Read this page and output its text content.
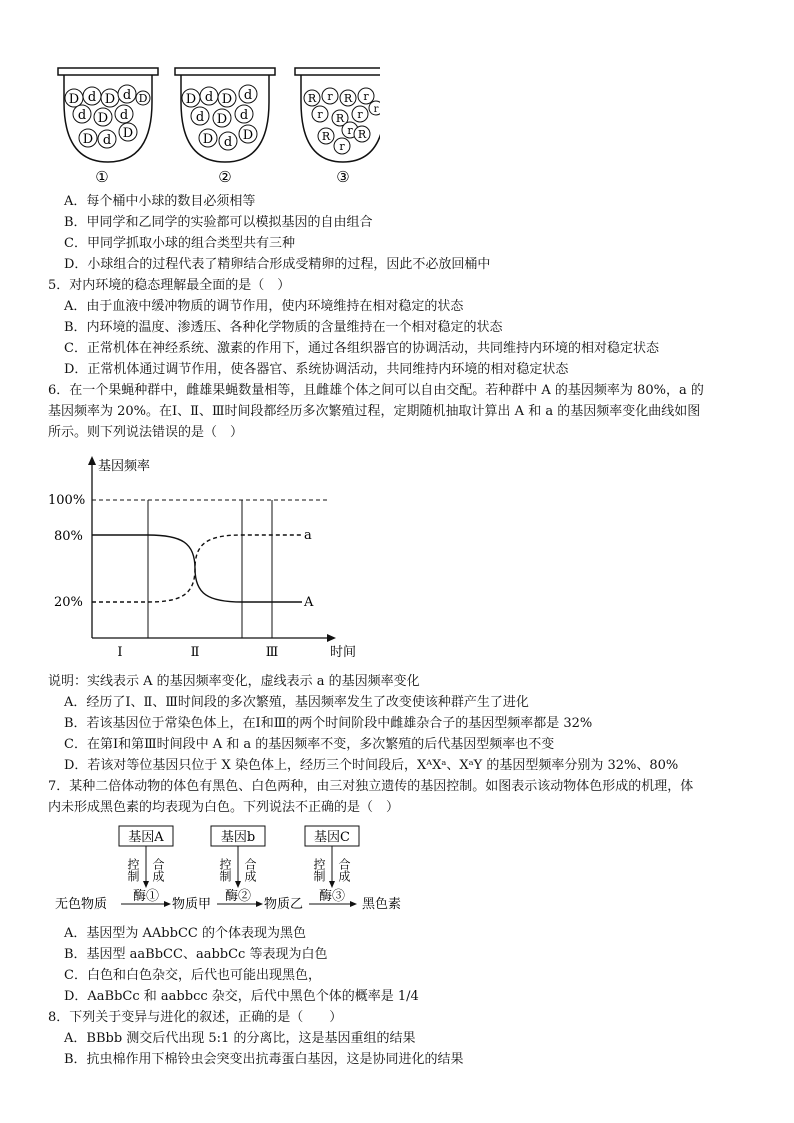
D d D d
d D d
D D
d
D
①
D d D d
d D d
D D
d
②
R r R r
r R r
r
R
r
R
r
③
A．每个桶中小球的数目必须相等
B．甲同学和乙同学的实验都可以模拟基因的自由组合
C．甲同学抓取小球的组合类型共有三种
D．小球组合的过程代表了精卵结合形成受精卵的过程，因此不必放回桶中
5．对内环境的稳态理解最全面的是（　）
A．由于血液中缓冲物质的调节作用，使内环境维持在相对稳定的状态
B．内环境的温度、渗透压、各种化学物质的含量维持在一个相对稳定的状态
C．正常机体在神经系统、激素的作用下，通过各组织器官的协调活动，共同维持内环境的相对稳定状态
D．正常机体通过调节作用，使各器官、系统协调活动，共同维持内环境的相对稳定状态
6．在一个果蝇种群中，雌雄果蝇数量相等，且雌雄个体之间可以自由交配。若种群中 A 的基因频率为 80%，a 的
基因频率为 20%。在Ⅰ、Ⅱ、Ⅲ时间段都经历多次繁殖过程，定期随机抽取计算出 A 和 a 的基因频率变化曲线如图
所示。则下列说法错误的是（　）
基因频率
时间
100%
80%
20%
a
A
Ⅰ	Ⅱ	Ⅲ
说明：实线表示 A 的基因频率变化，虚线表示 a 的基因频率变化
A．经历了Ⅰ、Ⅱ、Ⅲ时间段的多次繁殖，基因频率发生了改变使该种群产生了进化
B．若该基因位于常染色体上，在Ⅰ和Ⅲ的两个时间阶段中雌雄杂合子的基因型频率都是 32%
C．在第Ⅰ和第Ⅲ时间段中 A 和 a 的基因频率不变，多次繁殖的后代基因型频率也不变
D．若该对等位基因只位于 X 染色体上，经历三个时间段后，XᴬXᵃ、XᵃY 的基因型频率分别为 32%、80%
7．某种二倍体动物的体色有黑色、白色两种，由三对独立遗传的基因控制。如图表示该动物体色形成的机理，体
内未形成黑色素的均表现为白色。下列说法不正确的是（　）
基因A	基因b	基因C
控制 合成	控制 合成	控制 合成
酶①	酶②	酶③
无色物质	物质甲	物质乙	黑色素
A．基因型为 AAbbCC 的个体表现为黑色
B．基因型 aaBbCC、aabbCc 等表现为白色
C．白色和白色杂交，后代也可能出现黑色，
D．AaBbCc 和 aabbcc 杂交，后代中黑色个体的概率是 1/4
8．下列关于变异与进化的叙述，正确的是（　　）
A．BBbb 测交后代出现 5:1 的分离比，这是基因重组的结果
B．抗虫棉作用下棉铃虫会突变出抗毒蛋白基因，这是协同进化的结果
